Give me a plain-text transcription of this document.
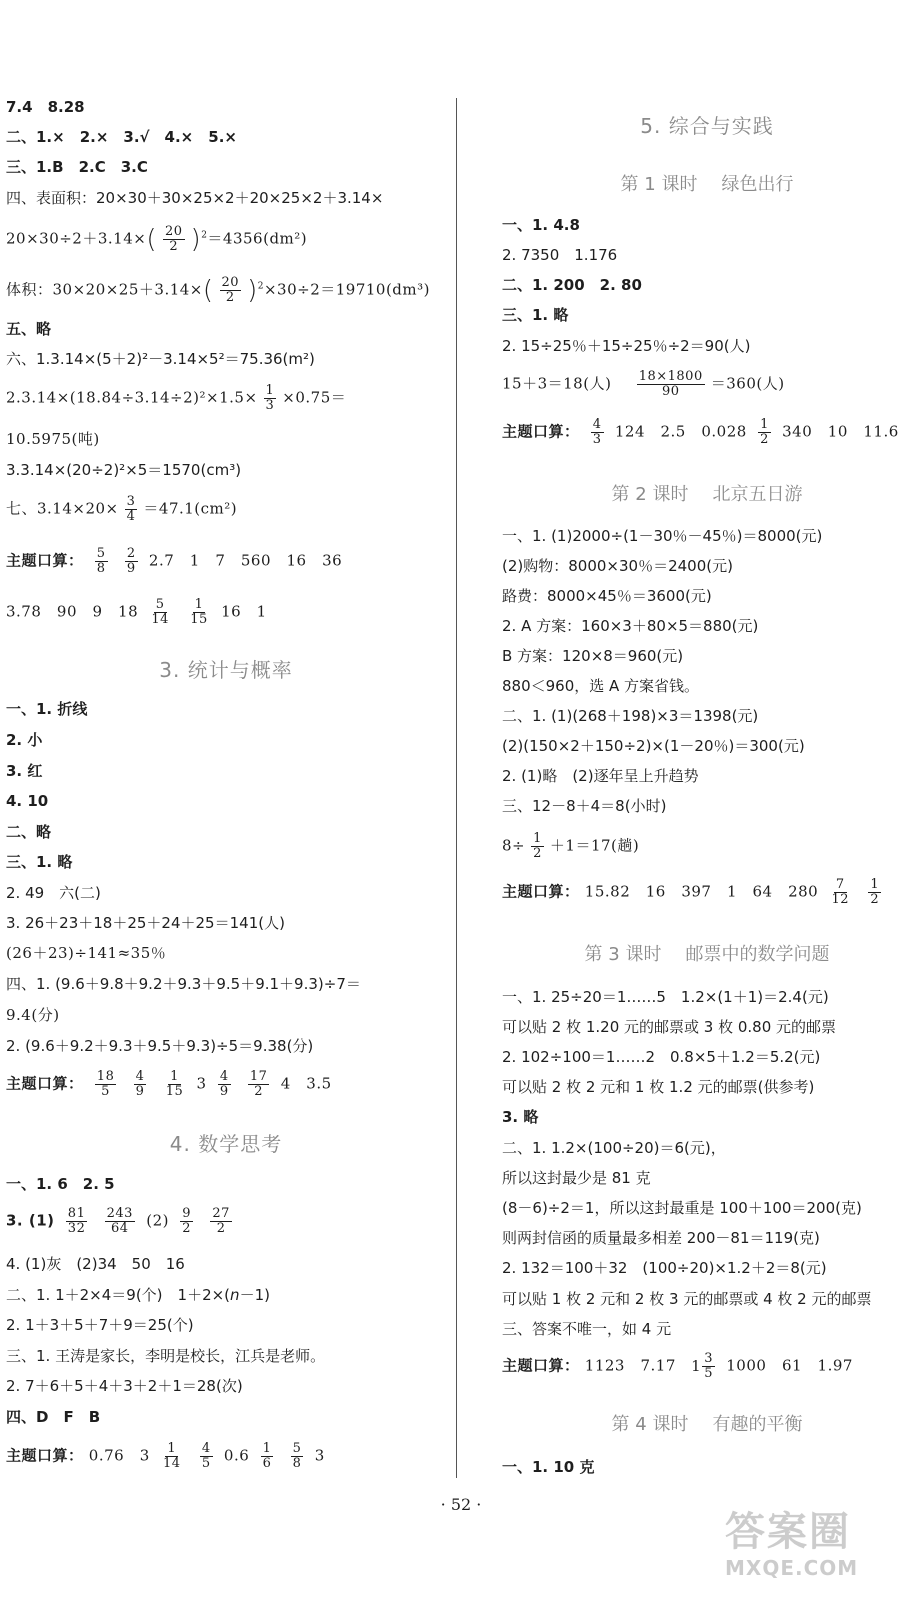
7.4　8.28
二、1.×　2.×　3.√　4.×　5.×
三、1.B　2.C　3.C
四、表面积：20×30＋30×25×2＋20×25×2＋3.14×
$20\times 30\div 2+3.14\times( \frac{20}{2} )^2=4356(dm^2)$
体积：$30\times 20\times 25+3.14\times( \frac{20}{2} )^2\times 30\div 2=19710(dm^3)$
五、略
六、1.3.14×(5＋2)²－3.14×5²＝75.36(m²)
$2.3.14\times(18.84\div 3.14\div 2)^2\times 1.5\times \frac{1}{3} \times 0.75=$
10.5975(吨)
3.3.14×(20÷2)²×5＝1570(cm³)
七、$3.14\times 20\times \frac{3}{4} =47.1(cm^2)$
主题口算： $\frac{5}{8}$
$\frac{2}{9} 2.7$　1　7　560　16　36
3.78　90　9　$18 \frac{5}{14}$
$\frac{1}{15} 16$　1
3. 统计与概率
一、1. 折线
2. 小
3. 红
4. 10
二、略
三、1. 略
2. 49　六(二)
3. 26＋23＋18＋25＋24＋25＝141(人)
(26＋23)÷141≈35％
四、1. (9.6＋9.8＋9.2＋9.3＋9.5＋9.1＋9.3)÷7＝
9.4(分)
2. (9.6＋9.2＋9.3＋9.5＋9.3)÷5＝9.38(分)
主题口算： $\frac{18}{5}$
$\frac{4}{9}$
$\frac{1}{15} 3 \frac{4}{9}$
$\frac{17}{2} 4$　3.5
4. 数学思考
一、1. 6　2. 5
3. $(1) \frac{81}{32}$
$\frac{243}{64} (2) \frac{9}{2}$
$\frac{27}{2}$
4. (1)灰　(2)34　50　16
二、1. 1＋2×4＝9(个)　1＋2×(n－1)
2. 1＋3＋5＋7＋9＝25(个)
三、1. 王涛是家长，李明是校长，江兵是老师。
2. 7＋6＋5＋4＋3＋2＋1＝28(次)
四、D　F　B
主题口算： 0.76　$3 \frac{1}{14}$
$\frac{4}{5} 0.6 \frac{1}{6}$
$\frac{5}{8} 3$
5. 综合与实践
第 1 课时 绿色出行
一、1. 4.8
2. 7350　1.176
二、1. 200　2. 80
三、1. 略
2. 15÷25％＋15÷25％÷2＝90(人)
15＋3＝18(人) $\frac{18\times 1800}{90} =360$(人)
主题口算： $\frac{4}{3} 124$　2.5　$0.028 \frac{1}{2} 340$　10　11.6
第 2 课时 北京五日游
一、1. (1)2000÷(1－30％－45％)＝8000(元)
(2)购物：8000×30％＝2400(元)
路费：8000×45％＝3600(元)
2. A 方案：160×3＋80×5＝880(元)
B 方案：120×8＝960(元)
880＜960，选 A 方案省钱。
二、1. (1)(268＋198)×3＝1398(元)
(2)(150×2＋150÷2)×(1－20％)＝300(元)
2. (1)略　(2)逐年呈上升趋势
三、12－8＋4＝8(小时)
$8\div \frac{1}{2} +1=17$(趟)
主题口算： 15.82　16　397　1　64　$280 \frac{7}{12}$
$\frac{1}{2}$
第 3 课时 邮票中的数学问题
一、1. 25÷20＝1……5　1.2×(1＋1)＝2.4(元)
可以贴 2 枚 1.20 元的邮票或 3 枚 0.80 元的邮票
2. 102÷100＝1……2　0.8×5＋1.2＝5.2(元)
可以贴 2 枚 2 元和 1 枚 1.2 元的邮票(供参考)
3. 略
二、1. 1.2×(100÷20)＝6(元)，
所以这封最少是 81 克
(8－6)÷2＝1，所以这封最重是 100＋100＝200(克)
则两封信函的质量最多相差 200－81＝119(克)
2. 132＝100＋32　(100÷20)×1.2＋2＝8(元)
可以贴 1 枚 2 元和 2 枚 3 元的邮票或 4 枚 2 元的邮票
三、答案不唯一，如 4 元
主题口算： 1123　7.17 $1 \frac{3}{5} 1000$　61　1.97
第 4 课时 有趣的平衡
一、1. 10 克
· 52 ·
答案圈
MXQE.COM
